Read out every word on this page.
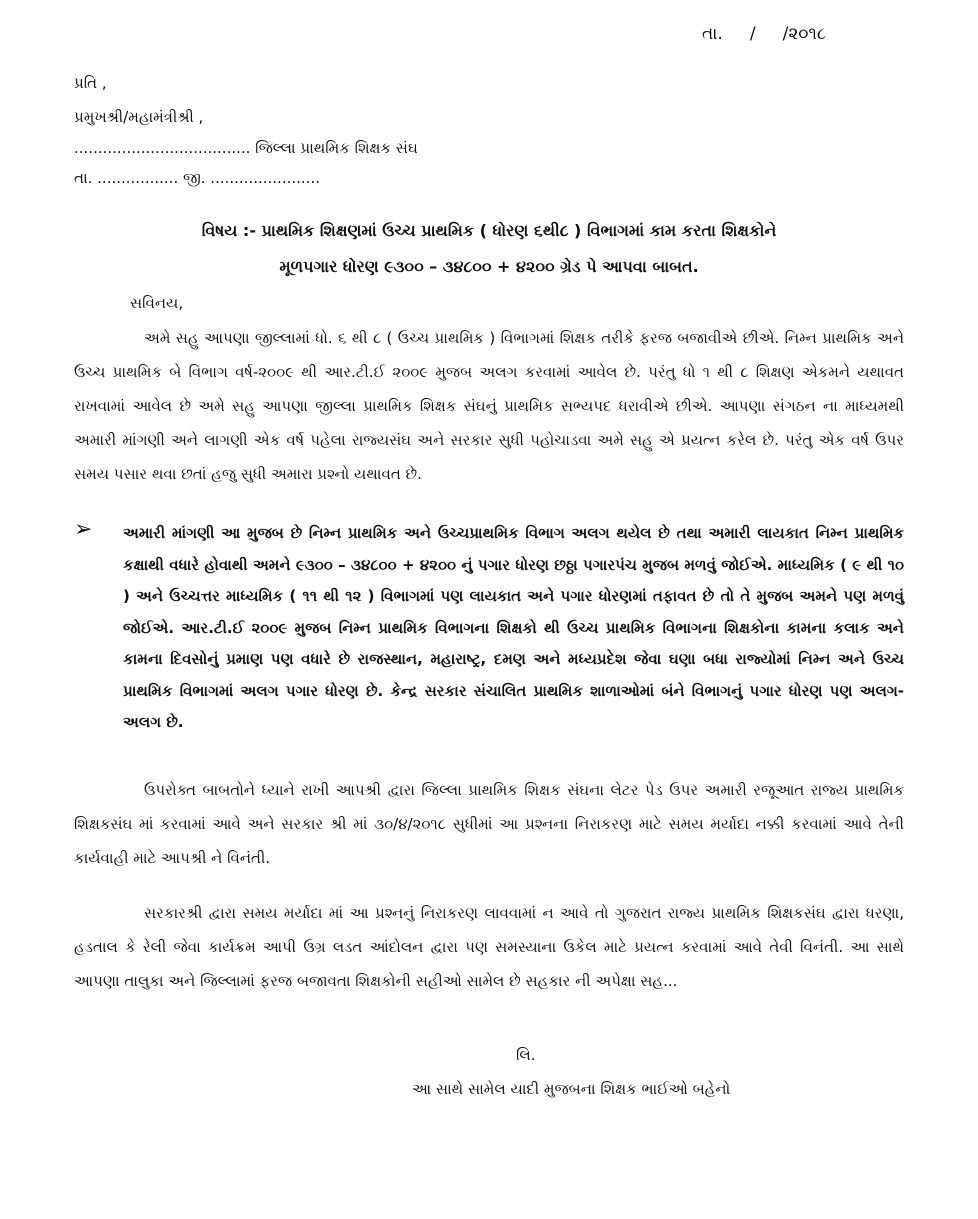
તા.     /     /૨૦૧૮
પ્રતિ ,
પ્રમુખશ્રી/મહામંત્રીશ્રી ,
..................................... જિલ્લા પ્રાથમિક શિક્ષક સંઘ
તા. ................. જી. .......................
વિષય :- પ્રાથમિક શિક્ષણમાં ઉચ્ચ પ્રાથમિક ( ધોરણ ૬થી૮ ) વિભાગમાં કામ કરતા શિક્ષકોને
મૂળપગાર ધોરણ ૯૩૦૦ – ૩૪૮૦૦ + ૪૨૦૦ ગ્રેડ પે આપવા બાબત.
સવિનય,

અમે સહુ આપણા જીલ્લામાં ધો. ૬ થી ૮ ( ઉચ્ચ પ્રાથમિક ) વિભાગમાં શિક્ષક તરીકે ફરજ બજાવીએ છીએ. નિમ્ન પ્રાથમિક અને ઉચ્ચ પ્રાથમિક બે વિભાગ વર્ષ-૨૦૦૯ થી આર.ટી.ઈ ૨૦૦૯ મુજબ અલગ કરવામાં આવેલ છે. પરંતુ ધો ૧ થી ૮ શિક્ષણ એકમને યથાવત રાખવામાં આવેલ છે અમે સહુ આપણા જીલ્લા પ્રાથમિક શિક્ષક સંઘનું પ્રાથમિક સભ્યપદ ધરાવીએ છીએ. આપણા સંગઠન ના માધ્યમથી અમારી માંગણી અને લાગણી એક વર્ષ પહેલા રાજ્યસંઘ અને સરકાર સુધી પહોચાડવા અમે સહુ એ પ્રયત્ન કરેલ છે. પરંતુ એક વર્ષ ઉપર સમય પસાર થવા છતાં હજુ સુધી અમારા પ્રશ્નો યથાવત છે.

➢ અમારી માંગણી આ મુજબ છે નિમ્ન પ્રાથમિક અને ઉચ્ચપ્રાથમિક વિભાગ અલગ થયેલ છે તથા અમારી લાયકાત નિમ્ન પ્રાથમિક કક્ષાથી વધારે હોવાથી અમને ૯૩૦૦ – ૩૪૮૦૦ + ૪૨૦૦ નું પગાર ધોરણ છઠ્ઠા પગારપંચ મુજબ મળવું જોઈએ. માધ્યમિક ( ૯ થી ૧૦ ) અને ઉચ્ચત્તર માધ્યમિક ( ૧૧ થી ૧૨ ) વિભાગમાં પણ લાયકાત અને પગાર ધોરણમાં તફાવત છે તો તે મુજબ અમને પણ મળવું જોઈએ. આર.ટી.ઈ ૨૦૦૯ મુજબ નિમ્ન પ્રાથમિક વિભાગના શિક્ષકો થી ઉચ્ચ પ્રાથમિક વિભાગના શિક્ષકોના કામના કલાક અને કામના દિવસોનું પ્રમાણ પણ વધારે છે રાજસ્થાન, મહારાષ્ટ્ર, દમણ અને મધ્યપ્રદેશ જેવા ઘણા બધા રાજ્યોમાં નિમ્ન અને ઉચ્ચ પ્રાથમિક વિભાગમાં અલગ પગાર ધોરણ છે. કેન્દ્ર સરકાર સંચાલિત પ્રાથમિક શાળાઓમાં બંને વિભાગનું પગાર ધોરણ પણ અલગ-અલગ છે.

ઉપરોક્ત બાબતોને ધ્યાને રાખી આપશ્રી દ્વારા જિલ્લા પ્રાથમિક શિક્ષક સંઘના લેટર પેડ ઉપર અમારી રજૂઆત રાજ્ય પ્રાથમિક શિક્ષકસંઘ માં કરવામાં આવે અને સરકાર શ્રી માં ૩૦/૪/૨૦૧૮ સુધીમાં આ પ્રશ્નના નિરાકરણ માટે સમય મર્યાદા નક્કી કરવામાં આવે તેની કાર્યવાહી માટે આપશ્રી ને વિનંતી.

સરકારશ્રી દ્વારા સમય મર્યાદા માં આ પ્રશ્નનું નિરાકરણ લાવવામાં ન આવે તો ગુજરાત રાજ્ય પ્રાથમિક શિક્ષકસંઘ દ્વારા ધરણા, હડતાલ કે રેલી જેવા કાર્યક્રમ આપી ઉગ્ર લડત આંદોલન દ્વારા પણ સમસ્યાના ઉકેલ માટે પ્રયત્ન કરવામાં આવે તેવી વિનંતી. આ સાથે આપણા તાલુકા અને જિલ્લામાં ફરજ બજાવતા શિક્ષકોની સહીઓ સામેલ છે સહકાર ની અપેક્ષા સહ...

લિ.
આ સાથે સામેલ યાદી મુજબના શિક્ષક ભાઈઓ બહેનો
